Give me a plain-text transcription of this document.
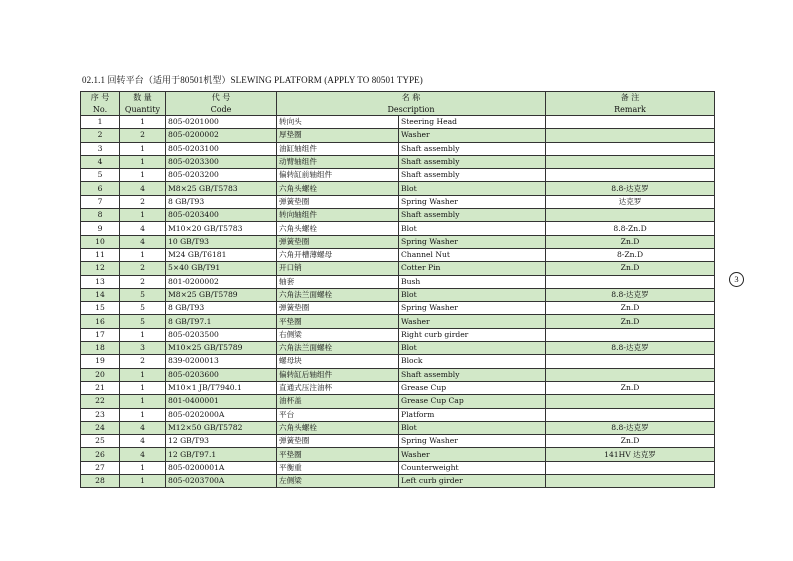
02.1.1 回转平台（适用于80501机型）SLEWING PLATFORM (APPLY TO 80501 TYPE)
序 号	数 量	代 号	名 称		备 注
No.	Quantity	Code	Description		Remark
1	1	805-0201000	转向头	Steering Head	
2	2	805-0200002	厚垫圈	Washer	
3	1	805-0203100	油缸轴组件	Shaft assembly	
4	1	805-0203300	动臂轴组件	Shaft assembly	
5	1	805-0203200	偏转缸前轴组件	Shaft assembly	
6	4	M8×25 GB/T5783	六角头螺栓	Blot	8.8-达克罗
7	2	8 GB/T93	弹簧垫圈	Spring Washer	达克罗
8	1	805-0203400	转向轴组件	Shaft assembly	
9	4	M10×20 GB/T5783	六角头螺栓	Blot	8.8-Zn.D
10	4	10 GB/T93	弹簧垫圈	Spring Washer	Zn.D
11	1	M24 GB/T6181	六角开槽薄螺母	Channel Nut	8-Zn.D
12	2	5×40 GB/T91	开口销	Cotter Pin	Zn.D
13	2	801-0200002	轴套	Bush	
14	5	M8×25 GB/T5789	六角法兰面螺栓	Blot	8.8-达克罗
15	5	8 GB/T93	弹簧垫圈	Spring Washer	Zn.D
16	5	8 GB/T97.1	平垫圈	Washer	Zn.D
17	1	805-0203500	右侧梁	Right curb girder	
18	3	M10×25 GB/T5789	六角法兰面螺栓	Blot	8.8-达克罗
19	2	839-0200013	螺母块	Block	
20	1	805-0203600	偏转缸后轴组件	Shaft assembly	
21	1	M10×1 JB/T7940.1	直通式压注油杯	Grease Cup	Zn.D
22	1	801-0400001	油杯盖	Grease Cup Cap	
23	1	805-0202000A	平台	Platform	
24	4	M12×50 GB/T5782	六角头螺栓	Blot	8.8-达克罗
25	4	12 GB/T93	弹簧垫圈	Spring Washer	Zn.D
26	4	12 GB/T97.1	平垫圈	Washer	141HV 达克罗
27	1	805-0200001A	平衡重	Counterweight	
28	1	805-0203700A	左侧梁	Left curb girder	
3
